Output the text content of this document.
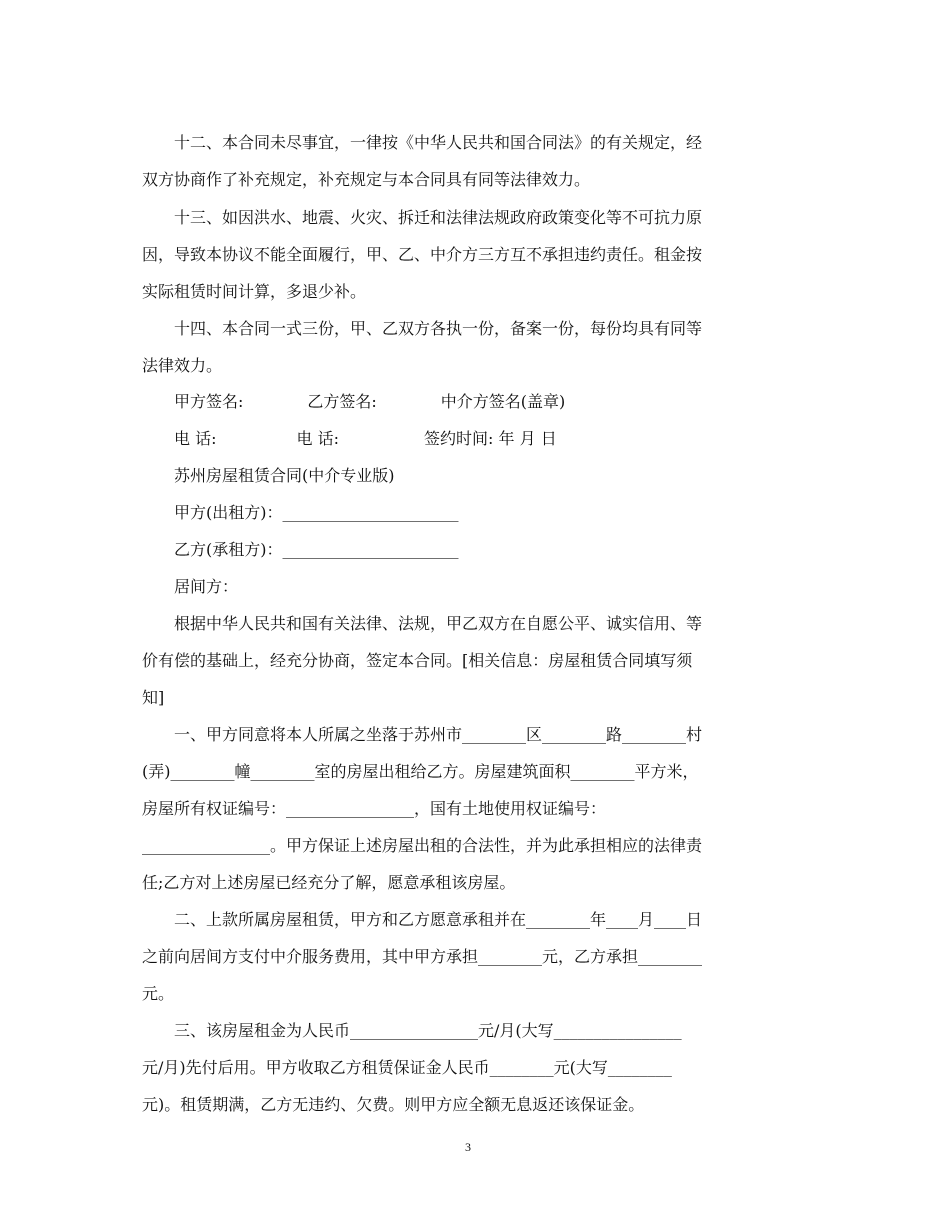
　　十二、本合同未尽事宜，一律按《中华人民共和国合同法》的有关规定，经
双方协商作了补充规定，补充规定与本合同具有同等法律效力。
　　十三、如因洪水、地震、火灾、拆迁和法律法规政府政策变化等不可抗力原
因，导致本协议不能全面履行，甲、乙、中介方三方互不承担违约责任。租金按
实际租赁时间计算，多退少补。
　　十四、本合同一式三份，甲、乙双方各执一份，备案一份，每份均具有同等
法律效力。
　　甲方签名:　　　　乙方签名:　　　　中介方签名(盖章)
　　电 话:　　　　　电 话:　　　　　 签约时间: 年 月 日
　　苏州房屋租赁合同(中介专业版)
　　甲方(出租方)：______________________
　　乙方(承租方)：______________________
　　居间方：
　　根据中华人民共和国有关法律、法规，甲乙双方在自愿公平、诚实信用、等
价有偿的基础上，经充分协商，签定本合同。[相关信息：房屋租赁合同填写须
知]
　　一、甲方同意将本人所属之坐落于苏州市________区________路________村
(弄)________幢________室的房屋出租给乙方。房屋建筑面积________平方米，
房屋所有权证编号：________________，国有土地使用权证编号：
________________。甲方保证上述房屋出租的合法性，并为此承担相应的法律责
任;乙方对上述房屋已经充分了解，愿意承租该房屋。
　　二、上款所属房屋租赁，甲方和乙方愿意承租并在________年____月____日
之前向居间方支付中介服务费用，其中甲方承担________元，乙方承担________
元。
　　三、该房屋租金为人民币________________元/月(大写________________
元/月)先付后用。甲方收取乙方租赁保证金人民币________元(大写________
元)。租赁期满，乙方无违约、欠费。则甲方应全额无息返还该保证金。
3
